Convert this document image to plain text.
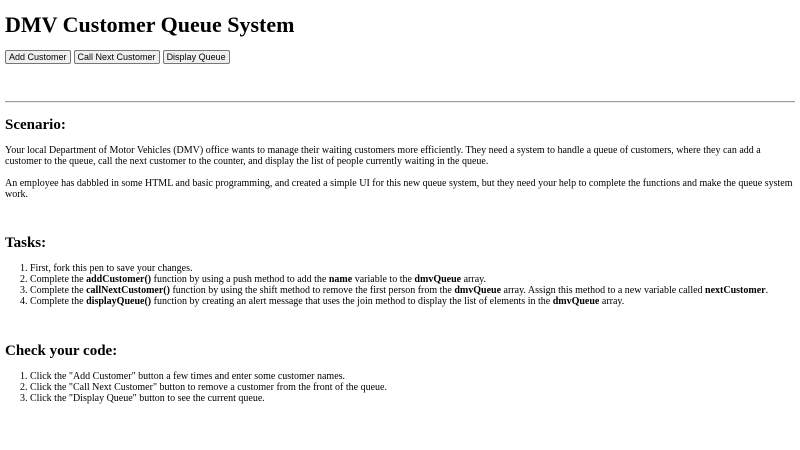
DMV Customer Queue System
Add Customer	Call Next Customer	Display Queue
Scenario:

Your local Department of Motor Vehicles (DMV) office wants to manage their waiting customers more efficiently. They need a system to handle a queue of customers, where they can add a customer to the queue, call the next customer to the counter, and display the list of people currently waiting in the queue.

An employee has dabbled in some HTML and basic programming, and created a simple UI for this new queue system, but they need your help to complete the functions and make the queue system work.

Tasks:
1. First, fork this pen to save your changes.
2. Complete the addCustomer() function by using a push method to add the name variable to the dmvQueue array.
3. Complete the callNextCustomer() function by using the shift method to remove the first person from the dmvQueue array. Assign this method to a new variable called nextCustomer.
4. Complete the displayQueue() function by creating an alert message that uses the join method to display the list of elements in the dmvQueue array.
Check your code:
1. Click the "Add Customer" button a few times and enter some customer names.
2. Click the "Call Next Customer" button to remove a customer from the front of the queue.
3. Click the "Display Queue" button to see the current queue.
